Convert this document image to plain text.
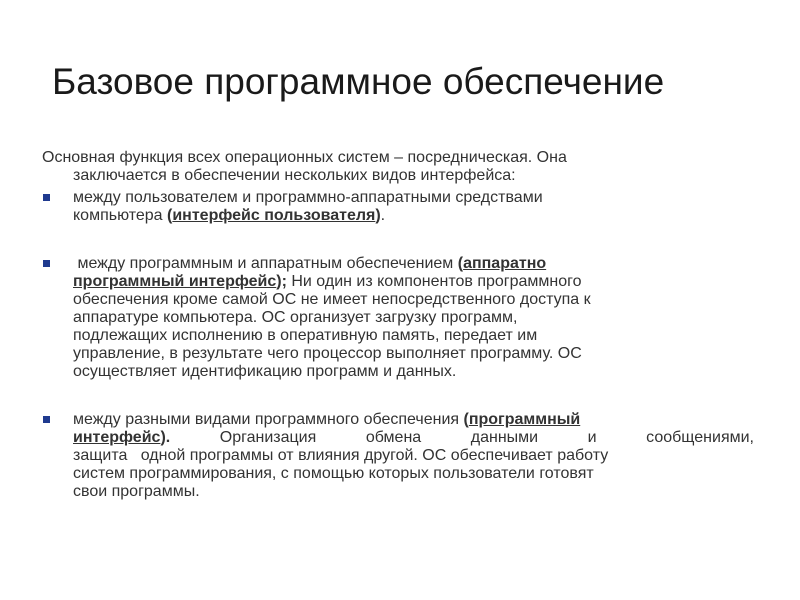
Базовое программное обеспечение

Основная функция всех операционных систем – посредническая. Она
заключается в обеспечении нескольких видов интерфейса:

между пользователем и программно-аппаратными средствами
компьютера (интерфейс пользователя).
между программным и аппаратным обеспечением (аппаратно
программный интерфейс); Ни один из компонентов программного
обеспечения кроме самой ОС не имеет непосредственного доступа к
аппаратуре компьютера. ОС организует загрузку программ,
подлежащих исполнению в оперативную память, передает им
управление, в результате чего процессор выполняет программу. ОС
осуществляет идентификацию программ и данных.
между разными видами программного обеспечения (программный
интерфейс). Организация обмена данными и сообщениями,
защита   одной программы от влияния другой. ОС обеспечивает работу
систем программирования, с помощью которых пользователи готовят
свои программы.
